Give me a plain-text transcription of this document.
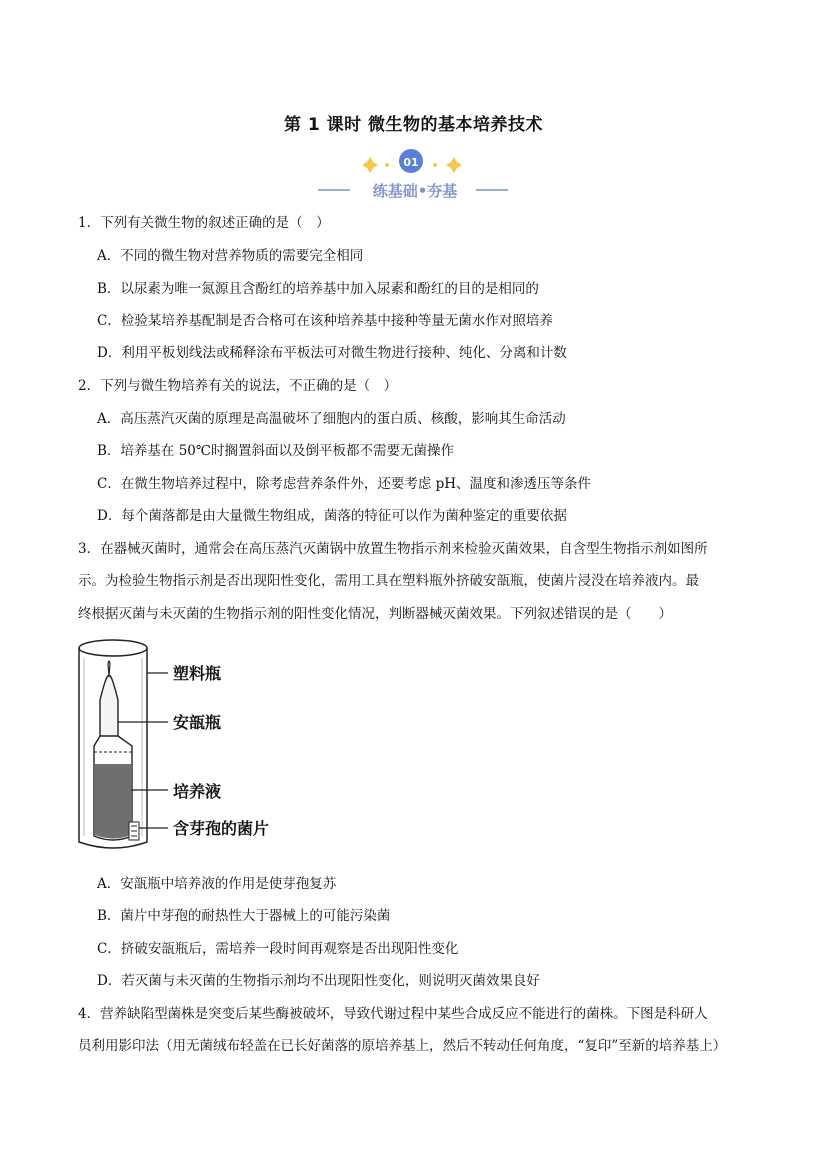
第 1 课时 微生物的基本培养技术
01
练基础•夯基
1．下列有关微生物的叙述正确的是（　）
A．不同的微生物对营养物质的需要完全相同
B．以尿素为唯一氮源且含酚红的培养基中加入尿素和酚红的目的是相同的
C．检验某培养基配制是否合格可在该种培养基中接种等量无菌水作对照培养
D．利用平板划线法或稀释涂布平板法可对微生物进行接种、纯化、分离和计数
2．下列与微生物培养有关的说法，不正确的是（　）
A．高压蒸汽灭菌的原理是高温破坏了细胞内的蛋白质、核酸，影响其生命活动
B．培养基在 50℃时搁置斜面以及倒平板都不需要无菌操作
C．在微生物培养过程中，除考虑营养条件外，还要考虑 pH、温度和渗透压等条件
D．每个菌落都是由大量微生物组成，菌落的特征可以作为菌种鉴定的重要依据
3．在器械灭菌时，通常会在高压蒸汽灭菌锅中放置生物指示剂来检验灭菌效果，自含型生物指示剂如图所
示。为检验生物指示剂是否出现阳性变化，需用工具在塑料瓶外挤破安瓿瓶，使菌片浸没在培养液内。最
终根据灭菌与未灭菌的生物指示剂的阳性变化情况，判断器械灭菌效果。下列叙述错误的是（　　）
塑料瓶
安瓿瓶
培养液
含芽孢的菌片
A．安瓿瓶中培养液的作用是使芽孢复苏
B．菌片中芽孢的耐热性大于器械上的可能污染菌
C．挤破安瓿瓶后，需培养一段时间再观察是否出现阳性变化
D．若灭菌与未灭菌的生物指示剂均不出现阳性变化，则说明灭菌效果良好
4．营养缺陷型菌株是突变后某些酶被破坏，导致代谢过程中某些合成反应不能进行的菌株。下图是科研人
员利用影印法（用无菌绒布轻盖在已长好菌落的原培养基上，然后不转动任何角度，“复印”至新的培养基上）
